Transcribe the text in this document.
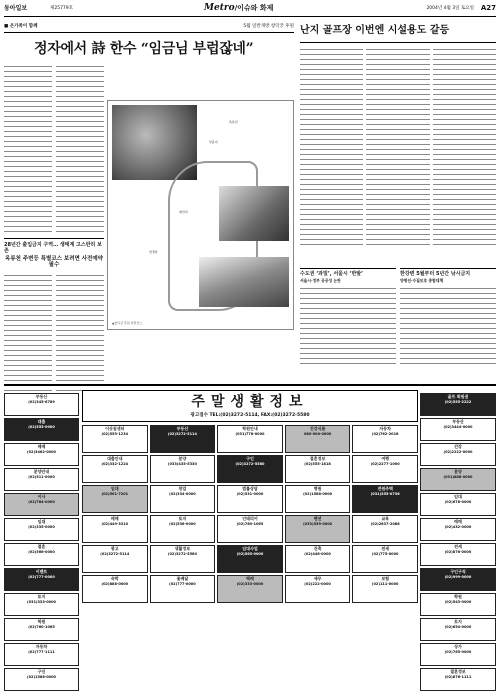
동아일보	제25779호	Metro/이슈와 화제	2004년 4월 3일 토요일 A27
■ 온가족이 함께	5월 일반개방 창덕궁 후원
정자에서 詩 한수 “임금님 부럽잖네”

28년간 출입금지 구역… 생태계 고스란히 보존
옥류천 주변등 특별코스 보려면 사전예약 필수

부용지
애련지
옥류천
연경당
▲창덕궁 후원 관람코스
난지 골프장 이번엔 시설용도 갈등
수도권 ‘과밀’, 서울시 ‘반발’
서울시·정부 공공성 논란
한강변 5월부터 5년간 낚시금지
양평선·수질보호 종합대책
부동산
(02)345-6789
대출
(02)555-0000
매매
(02)3462-0000
분양안내
(02)511-0000
이사
(02)784-0000
임대
(02)335-0000
결혼
(02)566-0000
이벤트
(02)777-0000
토지
(031)333-0000
학원
(02)760-1065
자동차
(02)777-1111
구인
(02)1588-0000
주말생활정보
광고접수 TEL:(02)3272-5114, FAX:(02)3272-5580
이삿짐센터
(02)555-1234
부동산
(02)3272-5114
학원안내
(031)778-0000
건강식품
080-000-0000
자동차
(02)762-2018
대출안내
(02)332-1224
분양
(033)435-5330
구인
(02)3272-5580
결혼정보
(02)555-1818
여행
(02)2277-1000
임대
(02)501-7201
창업
(02)334-0000
법률상담
(02)531-0000
병원
(02)1588-0000
전원주택
(031)555-0736
매매
(02)449-3310
토지
(02)536-0000
인테리어
(02)760-1065
펜션
(033)555-0000
교육
(02)2637-2088
광고
(02)3272-5114
생활정보
(02)3272-5580
임대사업
(02)565-0000
건축
(02)446-0000
전세
(02)775-0000
숙박
(02)888-0000
꽃배달
(02)777-0000
택배
(02)333-0000
세무
(02)222-0000
보험
(02)111-0000
골프 회원권
(02)555-2222
부동산
(02)3444-0000
건강
(02)2222-0000
분양
(031)888-0000
임대
(02)678-0000
매매
(02)432-0000
전세
(02)876-0000
구인구직
(02)999-0000
학원
(02)543-0000
토지
(02)654-0000
상가
(02)765-0000
결혼정보
(02)876-1111
